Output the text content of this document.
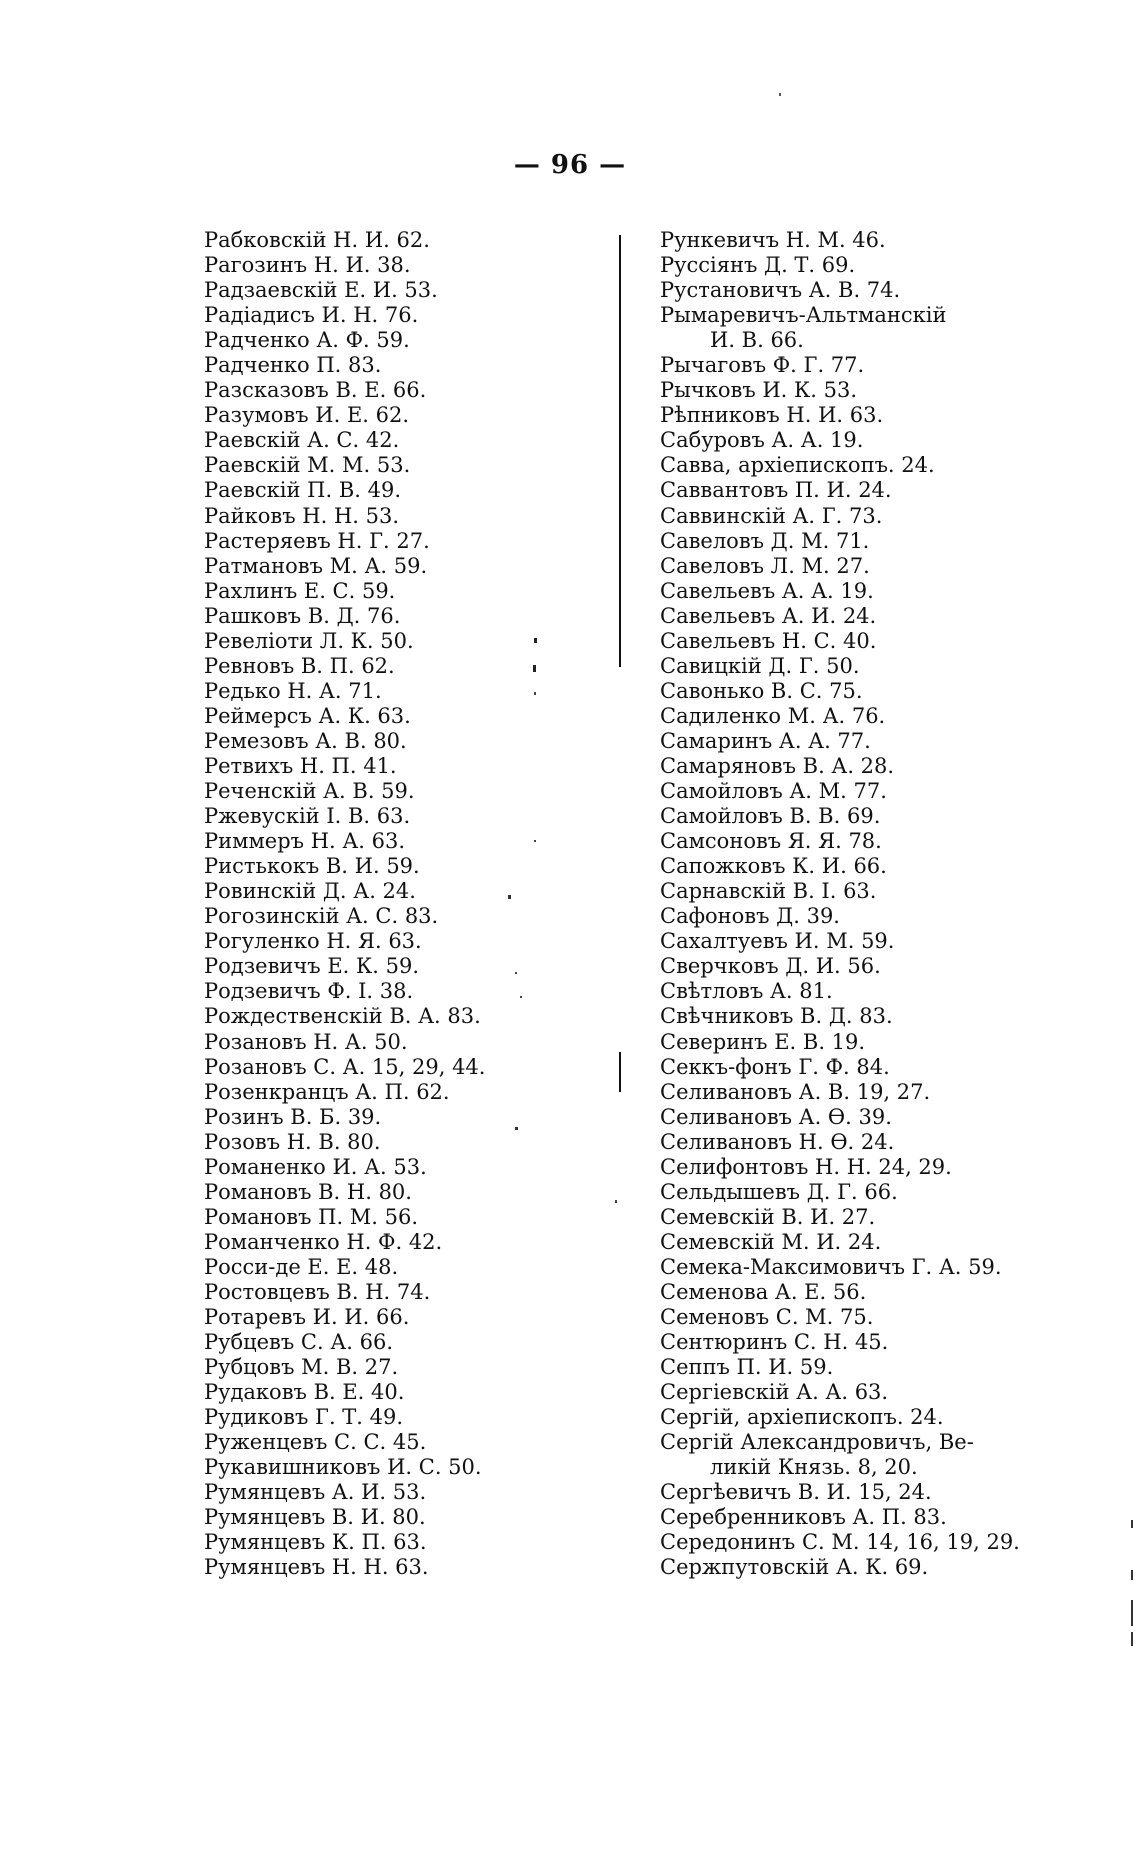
— 96 —
Рабковскій Н. И. 62.
Рагозинъ Н. И. 38.
Радзаевскій Е. И. 53.
Радіадисъ И. Н. 76.
Радченко А. Ф. 59.
Радченко П. 83.
Разсказовъ В. Е. 66.
Разумовъ И. Е. 62.
Раевскій А. С. 42.
Раевскій М. М. 53.
Раевскій П. В. 49.
Райковъ Н. Н. 53.
Растеряевъ Н. Г. 27.
Ратмановъ М. А. 59.
Рахлинъ Е. С. 59.
Рашковъ В. Д. 76.
Ревеліоти Л. К. 50.
Ревновъ В. П. 62.
Редько Н. А. 71.
Реймерсъ А. К. 63.
Ремезовъ А. В. 80.
Ретвихъ Н. П. 41.
Реченскій А. В. 59.
Ржевускій І. В. 63.
Риммеръ Н. А. 63.
Ристькокъ В. И. 59.
Ровинскій Д. А. 24.
Рогозинскій А. С. 83.
Рогуленко Н. Я. 63.
Родзевичъ Е. К. 59.
Родзевичъ Ф. І. 38.
Рождественскій В. А. 83.
Розановъ Н. А. 50.
Розановъ С. А. 15, 29, 44.
Розенкранцъ А. П. 62.
Розинъ В. Б. 39.
Розовъ Н. В. 80.
Романенко И. А. 53.
Романовъ В. Н. 80.
Романовъ П. М. 56.
Романченко Н. Ф. 42.
Росси-де Е. Е. 48.
Ростовцевъ В. Н. 74.
Ротаревъ И. И. 66.
Рубцевъ С. А. 66.
Рубцовъ М. В. 27.
Рудаковъ В. Е. 40.
Рудиковъ Г. Т. 49.
Руженцевъ С. С. 45.
Рукавишниковъ И. С. 50.
Румянцевъ А. И. 53.
Румянцевъ В. И. 80.
Румянцевъ К. П. 63.
Румянцевъ Н. Н. 63.
Рункевичъ Н. М. 46.
Руссіянъ Д. Т. 69.
Рустановичъ А. В. 74.
Рымаревичъ-Альтманскій
И. В. 66.
Рычаговъ Ф. Г. 77.
Рычковъ И. К. 53.
Рѣпниковъ Н. И. 63.
Сабуровъ А. А. 19.
Савва, архіепископъ. 24.
Саввантовъ П. И. 24.
Саввинскій А. Г. 73.
Савеловъ Д. М. 71.
Савеловъ Л. М. 27.
Савельевъ А. А. 19.
Савельевъ А. И. 24.
Савельевъ Н. С. 40.
Савицкій Д. Г. 50.
Савонько В. С. 75.
Садиленко М. А. 76.
Самаринъ А. А. 77.
Самаряновъ В. А. 28.
Самойловъ А. М. 77.
Самойловъ В. В. 69.
Самсоновъ Я. Я. 78.
Сапожковъ К. И. 66.
Сарнавскій В. І. 63.
Сафоновъ Д. 39.
Сахалтуевъ И. М. 59.
Сверчковъ Д. И. 56.
Свѣтловъ А. 81.
Свѣчниковъ В. Д. 83.
Северинъ Е. В. 19.
Секкъ-фонъ Г. Ф. 84.
Селивановъ А. В. 19, 27.
Селивановъ А. Ѳ. 39.
Селивановъ Н. Ѳ. 24.
Селифонтовъ Н. Н. 24, 29.
Сельдышевъ Д. Г. 66.
Семевскій В. И. 27.
Семевскій М. И. 24.
Семека-Максимовичъ Г. А. 59.
Семенова А. Е. 56.
Семеновъ С. М. 75.
Сентюринъ С. Н. 45.
Сеппъ П. И. 59.
Сергіевскій А. А. 63.
Сергій, архіепископъ. 24.
Сергій Александровичъ, Ве-
ликій Князь. 8, 20.
Сергѣевичъ В. И. 15, 24.
Серебренниковъ А. П. 83.
Середонинъ С. М. 14, 16, 19, 29.
Сержпутовскій А. К. 69.
